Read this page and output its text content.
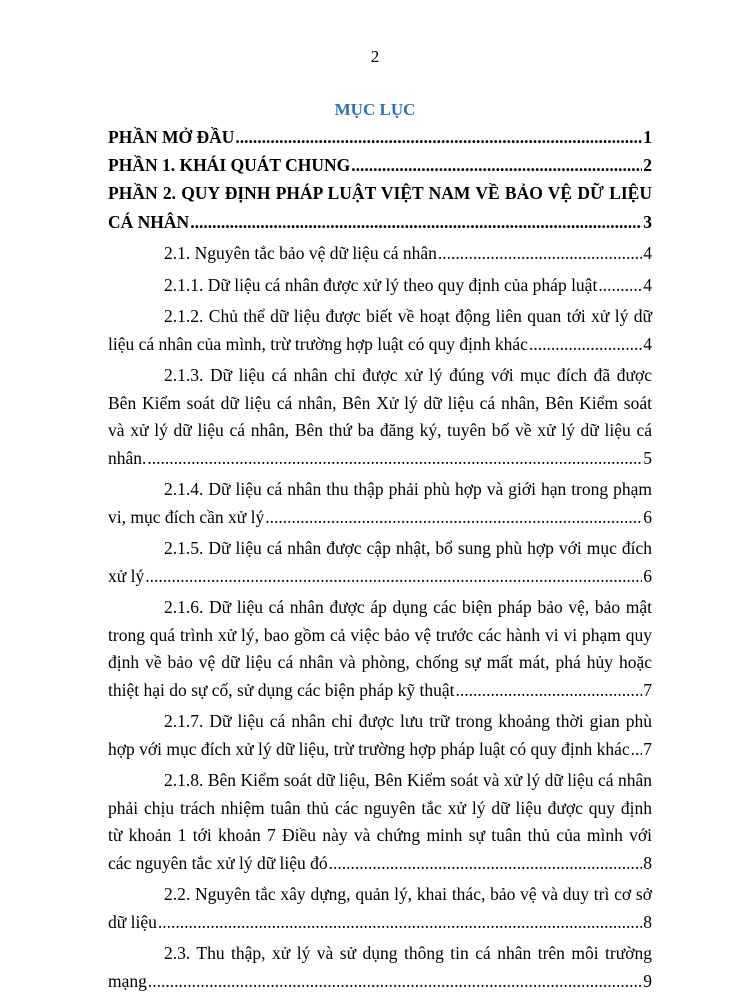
2
MỤC LỤC
PHẦN MỞ ĐẦU .....	1
PHẦN 1. KHÁI QUÁT CHUNG .....	2
PHẦN 2. QUY ĐỊNH PHÁP LUẬT VIỆT NAM VỀ BẢO VỆ DỮ LIỆU
CÁ NHÂN .....	3
2.1. Nguyên tắc bảo vệ dữ liệu cá nhân .....	4
2.1.1. Dữ liệu cá nhân được xử lý theo quy định của pháp luật .....	4
2.1.2. Chủ thể dữ liệu được biết về hoạt động liên quan tới xử lý dữ
liệu cá nhân của mình, trừ trường hợp luật có quy định khác .....	4
2.1.3. Dữ liệu cá nhân chỉ được xử lý đúng với mục đích đã được
Bên Kiểm soát dữ liệu cá nhân, Bên Xử lý dữ liệu cá nhân, Bên Kiểm soát
và xử lý dữ liệu cá nhân, Bên thứ ba đăng ký, tuyên bố về xử lý dữ liệu cá
nhân. .....	5
2.1.4. Dữ liệu cá nhân thu thập phải phù hợp và giới hạn trong phạm
vi, mục đích cần xử lý .....	6
2.1.5. Dữ liệu cá nhân được cập nhật, bổ sung phù hợp với mục đích
xử lý .....	6
2.1.6. Dữ liệu cá nhân được áp dụng các biện pháp bảo vệ, bảo mật
trong quá trình xử lý, bao gồm cả việc bảo vệ trước các hành vi vi phạm quy
định về bảo vệ dữ liệu cá nhân và phòng, chống sự mất mát, phá hủy hoặc
thiệt hại do sự cố, sử dụng các biện pháp kỹ thuật .....	7
2.1.7. Dữ liệu cá nhân chỉ được lưu trữ trong khoảng thời gian phù
hợp với mục đích xử lý dữ liệu, trừ trường hợp pháp luật có quy định khác ..... 7
2.1.8. Bên Kiểm soát dữ liệu, Bên Kiểm soát và xử lý dữ liệu cá nhân
phải chịu trách nhiệm tuân thủ các nguyên tắc xử lý dữ liệu được quy định
từ khoản 1 tới khoản 7 Điều này và chứng minh sự tuân thủ của mình với
các nguyên tắc xử lý dữ liệu đó .....	8
2.2. Nguyên tắc xây dựng, quản lý, khai thác, bảo vệ và duy trì cơ sở
dữ liệu .....	8
2.3. Thu thập, xử lý và sử dụng thông tin cá nhân trên môi trường
mạng .....	9
